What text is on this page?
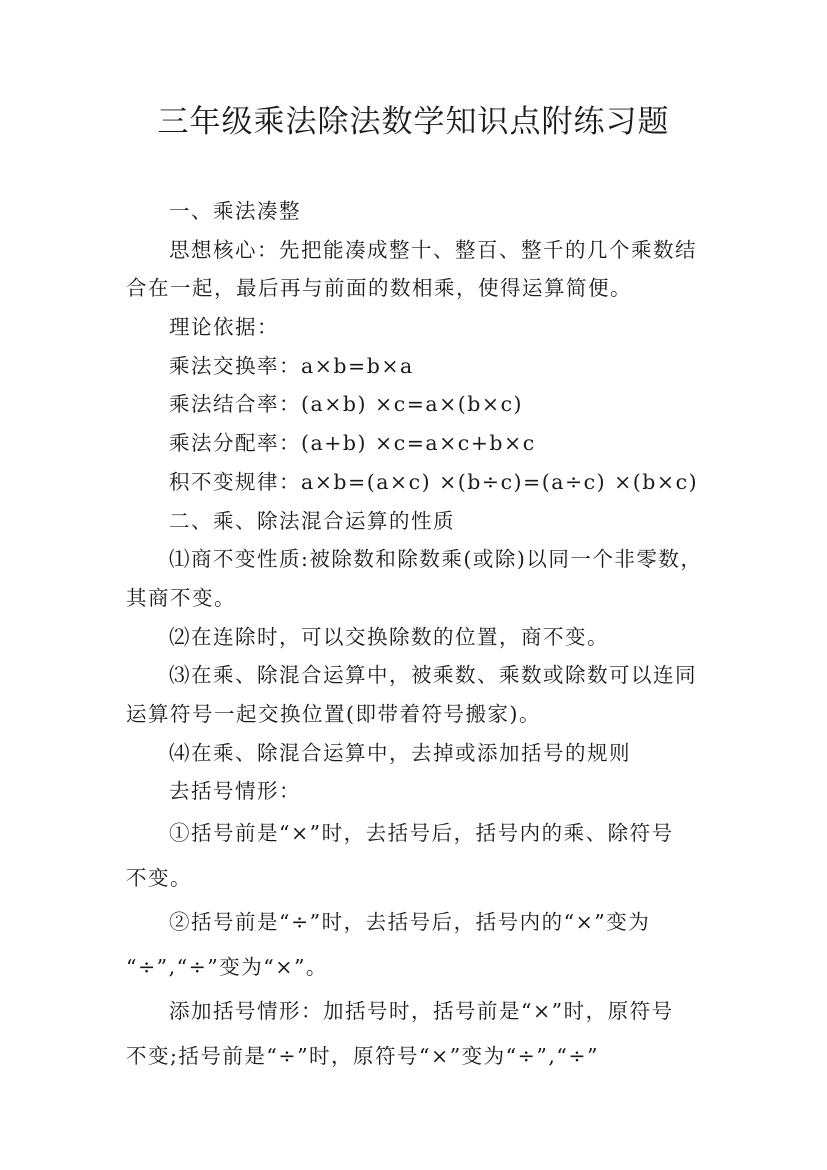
三年级乘法除法数学知识点附练习题
一、乘法凑整
思想核心：先把能凑成整十、整百、整千的几个乘数结
合在一起，最后再与前面的数相乘，使得运算简便。
理论依据：
乘法交换率：a×b=b×a
乘法结合率：(a×b) ×c=a×(b×c)
乘法分配率：(a+b) ×c=a×c+b×c
积不变规律：a×b=(a×c) ×(b÷c)=(a÷c) ×(b×c)
二、乘、除法混合运算的性质
⑴商不变性质:被除数和除数乘(或除)以同一个非零数，
其商不变。
⑵在连除时，可以交换除数的位置，商不变。
⑶在乘、除混合运算中，被乘数、乘数或除数可以连同
运算符号一起交换位置(即带着符号搬家)。
⑷在乘、除混合运算中，去掉或添加括号的规则
去括号情形：
①括号前是“×”时，去括号后，括号内的乘、除符号
不变。
②括号前是“÷”时，去括号后，括号内的“×”变为
“÷”,“÷”变为“×”。
添加括号情形：加括号时，括号前是“×”时，原符号
不变;括号前是“÷”时，原符号“×”变为“÷”,“÷”
